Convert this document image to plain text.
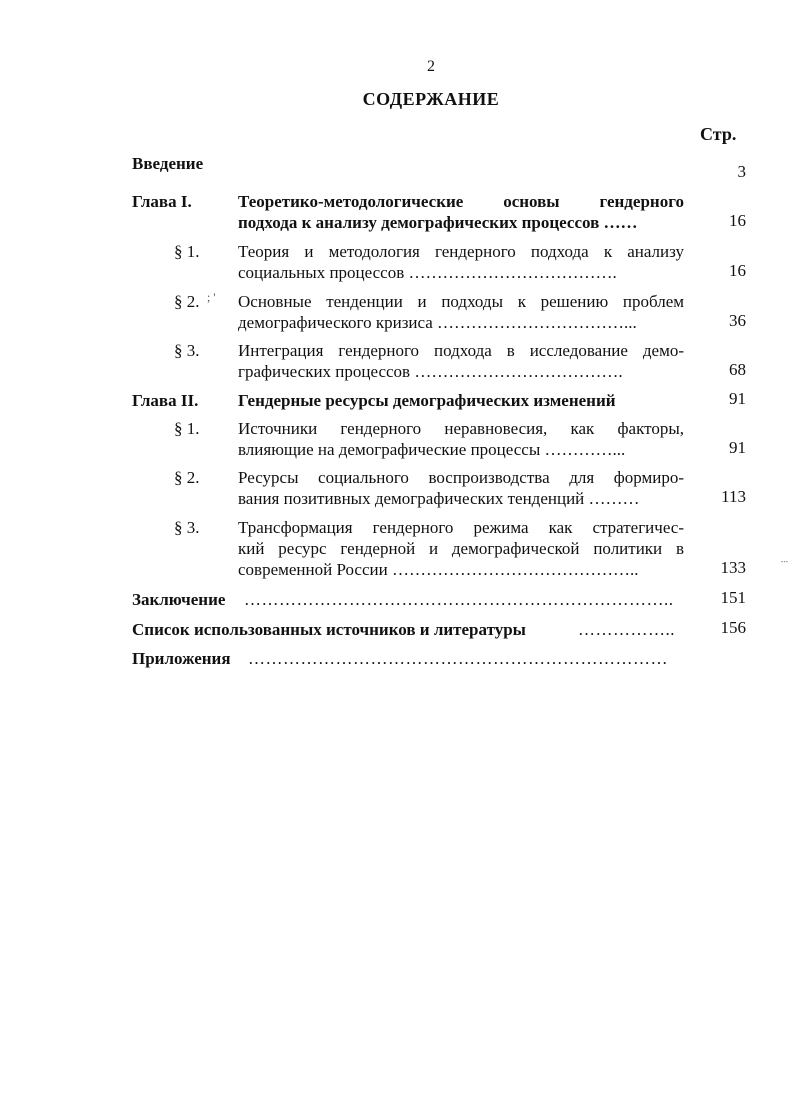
2
СОДЕРЖАНИЕ
Стр.
Введение	3
Глава I.	Теоретико-методологические основы гендерного
подхода к анализу демографических процессов ……	16
§ 1. Теория и методология гендерного подхода к анализу
социальных процессов ……………………………….	16
§ 2. ; ' Основные тенденции и подходы к решению проблем
демографического кризиса ……………………………...	36
§ 3. Интеграция гендерного подхода в исследование демо-
графических процессов ……………………………….	68
Глава II. Гендерные ресурсы демографических изменений	91
§ 1. Источники гендерного неравновесия, как факторы,
влияющие на демографические процессы …………...	91
§ 2. Ресурсы социального воспроизводства для формиро-
вания позитивных демографических тенденций ………	113
§ 3. Трансформация гендерного режима как стратегичес-
кий ресурс гендерной и демографической политики в
современной России ……………………………………..	133	⁝
Заключение ………………………………………………………………..	151
Список использованных источников и литературы	……………..	156
Приложения ………………………………………………………………
